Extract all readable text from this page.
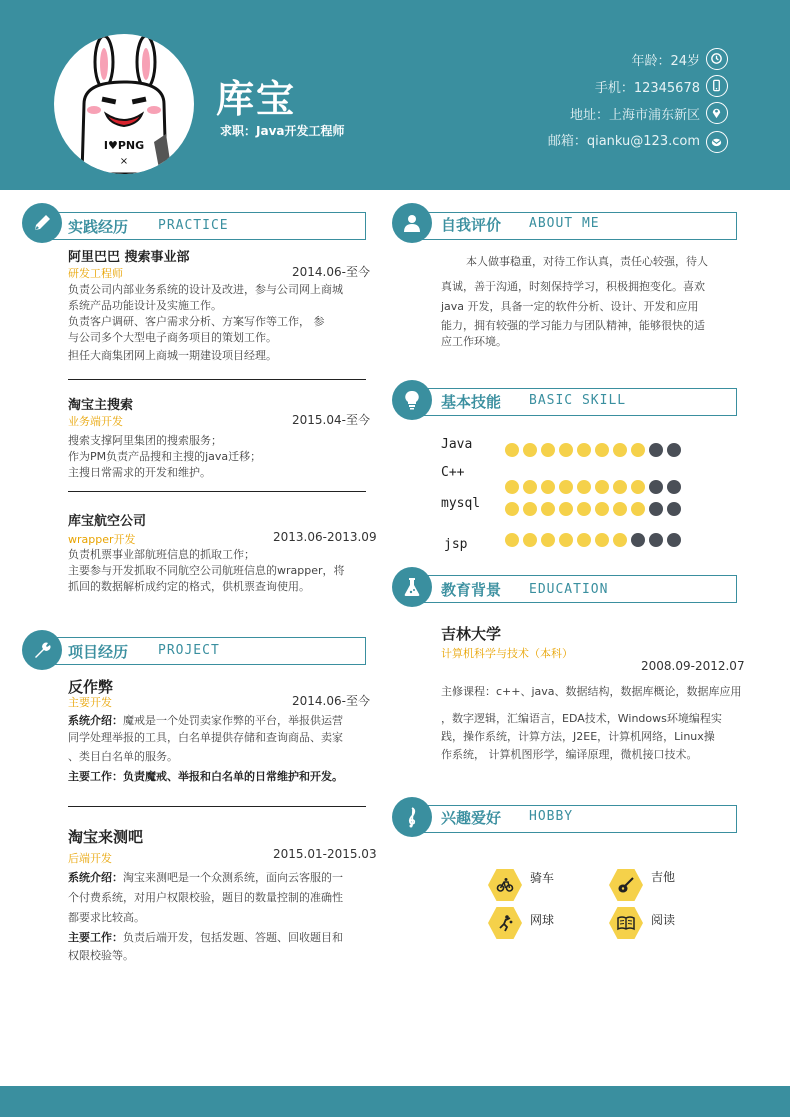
I♥PNG
×
库宝
求职：Java开发工程师
年龄：24岁
手机：12345678
地址：上海市浦东新区
邮箱：qianku@123.com
实践经历 PRACTICE
阿里巴巴 搜索事业部
研发工程师	2014.06-至今
负责公司内部业务系统的设计及改进，参与公司网上商城
系统产品功能设计及实施工作。
负责客户调研、客户需求分析、方案写作等工作， 参
与公司多个大型电子商务项目的策划工作。
担任大商集团网上商城一期建设项目经理。
淘宝主搜索
业务端开发	2015.04-至今
搜索支撑阿里集团的搜索服务；
作为PM负责产品搜和主搜的java迁移；
主搜日常需求的开发和维护。
库宝航空公司
wrapper开发	2013.06-2013.09
负责机票事业部航班信息的抓取工作；
主要参与开发抓取不同航空公司航班信息的wrapper，将
抓回的数据解析成约定的格式，供机票查询使用。
项目经历 PROJECT
反作弊
主要开发	2014.06-至今
系统介绍：魔戒是一个处罚卖家作弊的平台，举报供运营
同学处理举报的工具，白名单提供存储和查询商品、卖家
、类目白名单的服务。
主要工作：负责魔戒、举报和白名单的日常维护和开发。
淘宝来测吧
后端开发	2015.01-2015.03
系统介绍：淘宝来测吧是一个众测系统，面向云客服的一
个付费系统，对用户权限校验，题目的数量控制的准确性
都要求比较高。
主要工作：负责后端开发，包括发题、答题、回收题目和
权限校验等。
自我评价 ABOUT ME
本人做事稳重，对待工作认真，责任心较强，待人
真诚，善于沟通，时刻保持学习，积极拥抱变化。喜欢
java 开发，具备一定的软件分析、设计、开发和应用
能力，拥有较强的学习能力与团队精神，能够很快的适
应工作环境。
基本技能 BASIC SKILL
Java
C++
mysql
jsp
教育背景 EDUCATION
吉林大学
计算机科学与技术（本科）
2008.09-2012.07
主修课程：c++、java、数据结构，数据库概论，数据库应用
，数字逻辑，汇编语言，EDA技术，Windows环境编程实
践，操作系统，计算方法，J2EE，计算机网络，Linux操
作系统， 计算机图形学，编译原理，微机接口技术。
兴趣爱好 HOBBY
骑车	吉他
网球	阅读
